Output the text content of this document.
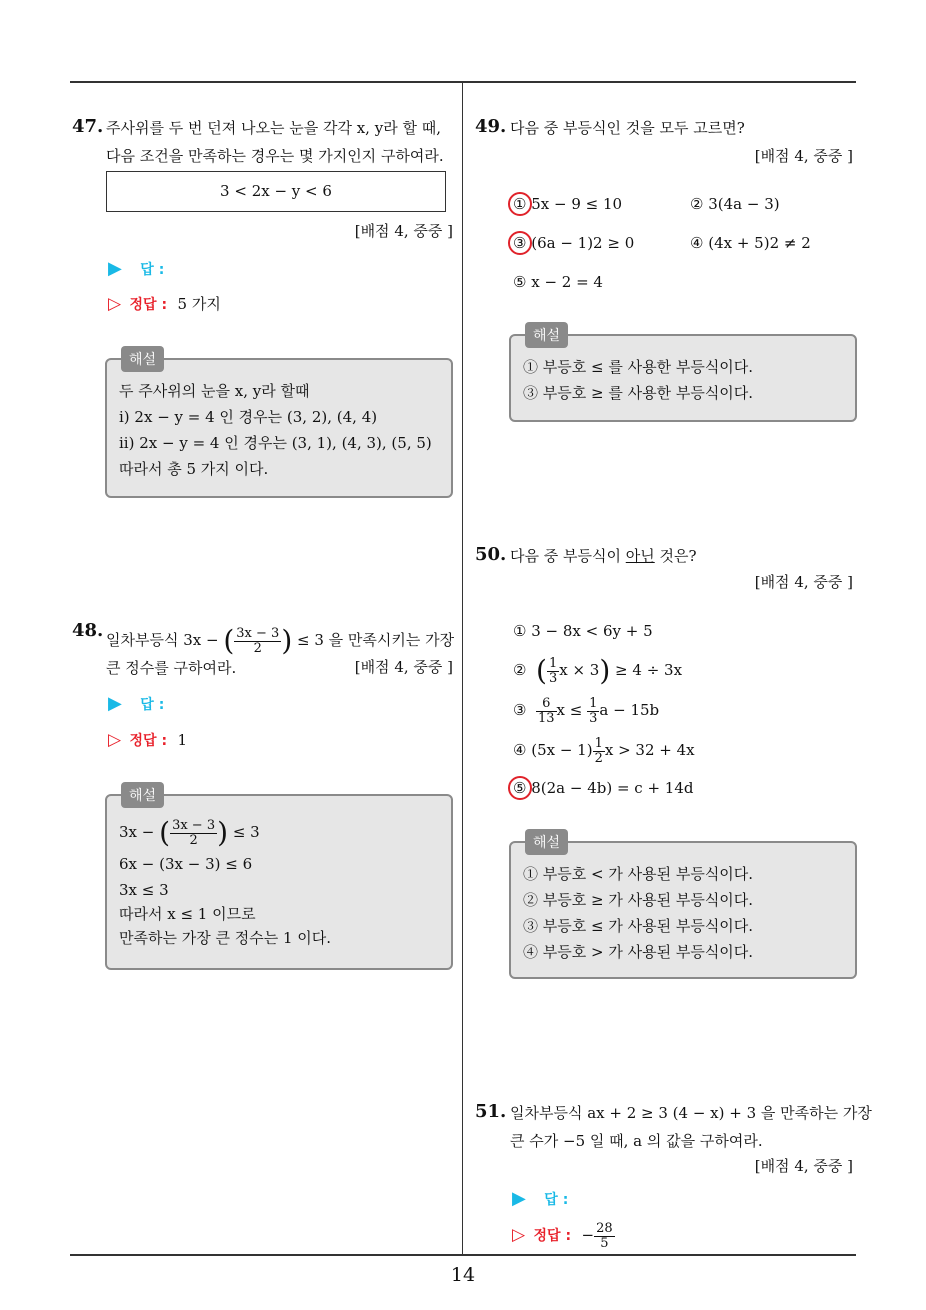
14
47. 주사위를 두 번 던져 나오는 눈을 각각 x, y라 할 때,
다음 조건을 만족하는 경우는 몇 가지인지 구하여라.
3 < 2x − y < 6
[배점 4, 중중 ]
▶ 답 :
▷ 정답 : 5 가지
해설
두 주사위의 눈을 x, y라 할때
i) 2x − y = 4 인 경우는 (3, 2), (4, 4)
ii) 2x − y = 4 인 경우는 (3, 1), (4, 3), (5, 5)
따라서 총 5 가지 이다.
48. 일차부등식 3x − ( $\frac{3x - 3}{2}$ ) ≤ 3 을 만족시키는 가장
큰 정수를 구하여라.	[배점 4, 중중 ]
▶ 답 :
▷ 정답 : 1
해설
3x − ( $\frac{3x - 3}{2}$ ) ≤ 3
6x − (3x − 3) ≤ 6
3x ≤ 3
따라서 x ≤ 1 이므로
만족하는 가장 큰 정수는 1 이다.
49. 다음 중 부등식인 것을 모두 고르면?
[배점 4, 중중 ]
① 5x − 9 ≤ 10	② 3(4a − 3)
③ (6a − 1)2 ≥ 0	④ (4x + 5)2 ≠ 2
⑤ x − 2 = 4
해설
① 부등호 ≤ 를 사용한 부등식이다.
③ 부등호 ≥ 를 사용한 부등식이다.
50. 다음 중 부등식이 아닌 것은?
[배점 4, 중중 ]
① 3 − 8x < 6y + 5
② ( $\frac{1}{3}$ x × 3) ≥ 4 ÷ 3x
③ $\frac{6}{13}$ $x \le \frac{1}{3}$ a − 15b
④ $(5x - 1) \frac{1}{2}$ x > 32 + 4x
⑤ 8(2a − 4b) = c + 14d
해설
① 부등호 < 가 사용된 부등식이다.
② 부등호 ≥ 가 사용된 부등식이다.
③ 부등호 ≤ 가 사용된 부등식이다.
④ 부등호 > 가 사용된 부등식이다.
51. 일차부등식 ax + 2 ≥ 3 (4 − x) + 3 을 만족하는 가장
큰 수가 −5 일 때, a 의 값을 구하여라.
[배점 4, 중중 ]
▶ 답 :
▷ 정답 : − $\frac{28}{5}$
